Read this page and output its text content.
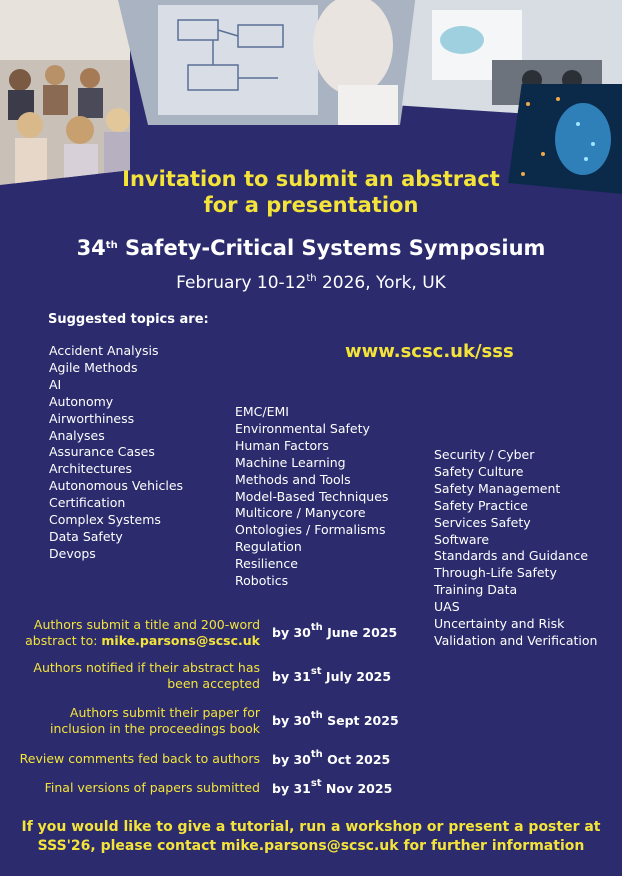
Invitation to submit an abstract
for a presentation
34th Safety-Critical Systems Symposium
February 10-12th 2026, York, UK
Suggested topics are:
www.scsc.uk/sss
Accident Analysis
Agile Methods
AI
Autonomy
Airworthiness
Analyses
Assurance Cases
Architectures
Autonomous Vehicles
Certification
Complex Systems
Data Safety
Devops
EMC/EMI
Environmental Safety
Human Factors
Machine Learning
Methods and Tools
Model-Based Techniques
Multicore / Manycore
Ontologies / Formalisms
Regulation
Resilience
Robotics
Security / Cyber
Safety Culture
Safety Management
Safety Practice
Services Safety
Software
Standards and Guidance
Through-Life Safety
Training Data
UAS
Uncertainty and Risk
Validation and Verification
Authors submit a title and 200-word
abstract to: mike.parsons@scsc.uk
by 30th June 2025
Authors notified if their abstract has
been accepted by 31st July 2025
Authors submit their paper for
inclusion in the proceedings book
by 30th Sept 2025
Review comments fed back to authors by 30th Oct 2025
Final versions of papers submitted by 31st Nov 2025
If you would like to give a tutorial, run a workshop or present a poster at
SSS'26, please contact mike.parsons@scsc.uk for further information
